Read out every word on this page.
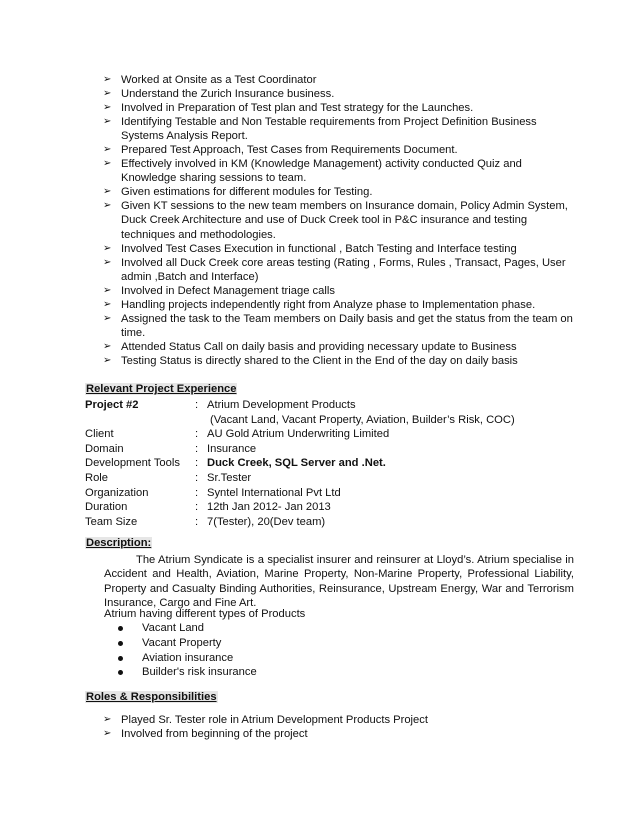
➢ Worked at Onsite as a Test Coordinator
➢ Understand the Zurich Insurance business.
➢ Involved in Preparation of Test plan and Test strategy for the Launches.
➢ Identifying Testable and Non Testable requirements from Project Definition Business Systems Analysis Report.
➢ Prepared Test Approach, Test Cases from Requirements Document.
➢ Effectively involved in KM (Knowledge Management) activity conducted Quiz and Knowledge sharing sessions to team.
➢ Given estimations for different modules for Testing.
➢ Given KT sessions to the new team members on Insurance domain, Policy Admin System, Duck Creek Architecture and use of Duck Creek tool in P&C insurance and testing techniques and methodologies.
➢ Involved Test Cases Execution in functional , Batch Testing and Interface testing
➢ Involved all Duck Creek core areas testing (Rating , Forms, Rules , Transact, Pages, User admin ,Batch and Interface)
➢ Involved in Defect Management triage calls
➢ Handling projects independently right from Analyze phase to Implementation phase.
➢ Assigned the task to the Team members on Daily basis and get the status from the team on time.
➢ Attended Status Call on daily basis and providing necessary update to Business
➢ Testing Status is directly shared to the Client in the End of the day on daily basis
Relevant Project Experience
Project #2	:	Atrium Development Products
(Vacant Land, Vacant Property, Aviation, Builder’s Risk, COC)
Client	:	AU Gold Atrium Underwriting Limited
Domain	:	Insurance
Development Tools	:	Duck Creek, SQL Server and .Net.
Role	:	Sr.Tester
Organization	:	Syntel International Pvt Ltd
Duration	:	12th Jan 2012- Jan 2013
Team Size	:	7(Tester), 20(Dev team)
Description:
The Atrium Syndicate is a specialist insurer and reinsurer at Lloyd’s. Atrium specialise in Accident and Health, Aviation, Marine Property, Non-Marine Property, Professional Liability, Property and Casualty Binding Authorities, Reinsurance, Upstream Energy, War and Terrorism Insurance, Cargo and Fine Art.
Atrium having different types of Products
Vacant Land
Vacant Property
Aviation insurance
Builder's risk insurance
Roles & Responsibilities
➢ Played Sr. Tester role in Atrium Development Products Project
➢ Involved from beginning of the project
